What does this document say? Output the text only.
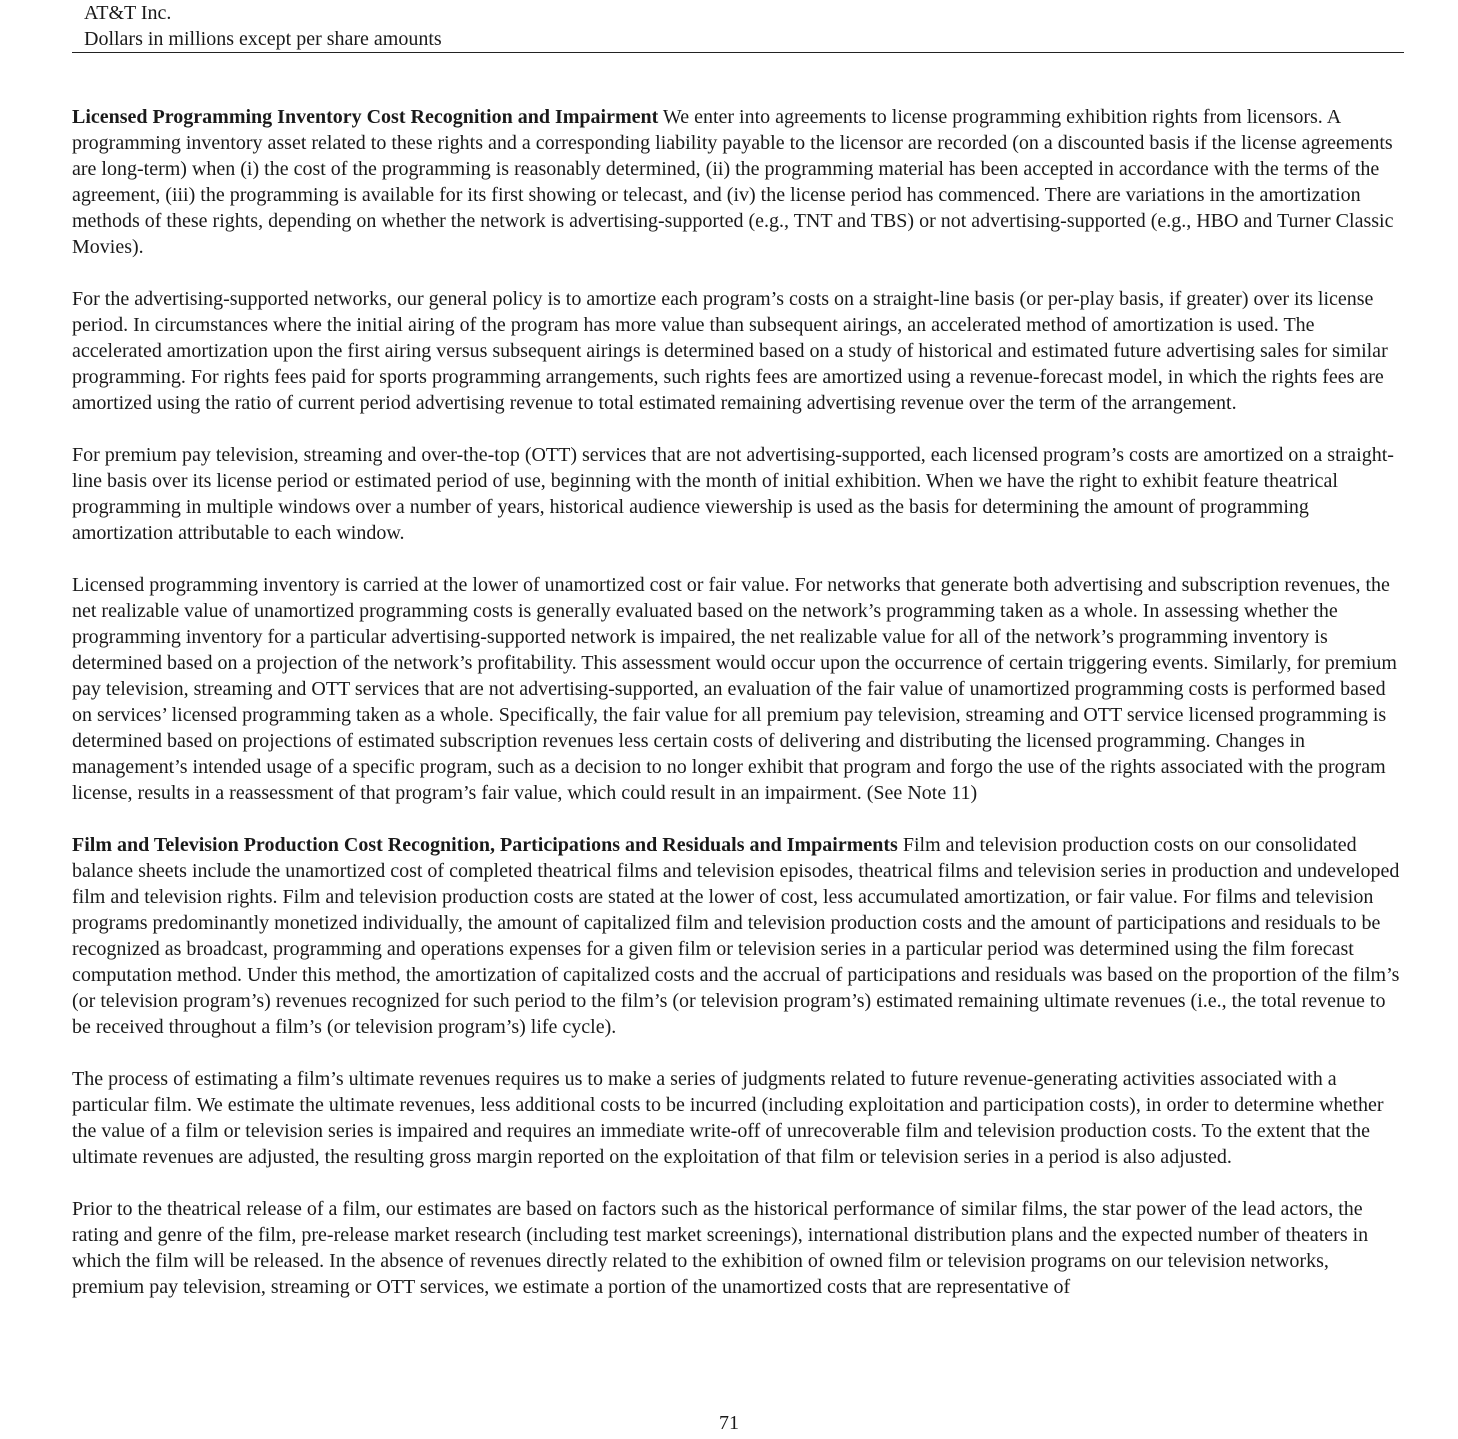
AT&T Inc.
Dollars in millions except per share amounts

Licensed Programming Inventory Cost Recognition and Impairment We enter into agreements to license programming exhibition rights from licensors. A programming inventory asset related to these rights and a corresponding liability payable to the licensor are recorded (on a discounted basis if the license agreements are long-term) when (i) the cost of the programming is reasonably determined, (ii) the programming material has been accepted in accordance with the terms of the agreement, (iii) the programming is available for its first showing or telecast, and (iv) the license period has commenced. There are variations in the amortization methods of these rights, depending on whether the network is advertising-supported (e.g., TNT and TBS) or not advertising-supported (e.g., HBO and Turner Classic Movies).

For the advertising-supported networks, our general policy is to amortize each program’s costs on a straight-line basis (or per-play basis, if greater) over its license period. In circumstances where the initial airing of the program has more value than subsequent airings, an accelerated method of amortization is used. The accelerated amortization upon the first airing versus subsequent airings is determined based on a study of historical and estimated future advertising sales for similar programming. For rights fees paid for sports programming arrangements, such rights fees are amortized using a revenue-forecast model, in which the rights fees are amortized using the ratio of current period advertising revenue to total estimated remaining advertising revenue over the term of the arrangement.

For premium pay television, streaming and over-the-top (OTT) services that are not advertising-supported, each licensed program’s costs are amortized on a straight-line basis over its license period or estimated period of use, beginning with the month of initial exhibition. When we have the right to exhibit feature theatrical programming in multiple windows over a number of years, historical audience viewership is used as the basis for determining the amount of programming amortization attributable to each window.

Licensed programming inventory is carried at the lower of unamortized cost or fair value. For networks that generate both advertising and subscription revenues, the net realizable value of unamortized programming costs is generally evaluated based on the network’s programming taken as a whole. In assessing whether the programming inventory for a particular advertising-supported network is impaired, the net realizable value for all of the network’s programming inventory is determined based on a projection of the network’s profitability. This assessment would occur upon the occurrence of certain triggering events. Similarly, for premium pay television, streaming and OTT services that are not advertising-supported, an evaluation of the fair value of unamortized programming costs is performed based on services’ licensed programming taken as a whole. Specifically, the fair value for all premium pay television, streaming and OTT service licensed programming is determined based on projections of estimated subscription revenues less certain costs of delivering and distributing the licensed programming. Changes in management’s intended usage of a specific program, such as a decision to no longer exhibit that program and forgo the use of the rights associated with the program license, results in a reassessment of that program’s fair value, which could result in an impairment. (See Note 11)

Film and Television Production Cost Recognition, Participations and Residuals and Impairments Film and television production costs on our consolidated balance sheets include the unamortized cost of completed theatrical films and television episodes, theatrical films and television series in production and undeveloped film and television rights. Film and television production costs are stated at the lower of cost, less accumulated amortization, or fair value. For films and television programs predominantly monetized individually, the amount of capitalized film and television production costs and the amount of participations and residuals to be recognized as broadcast, programming and operations expenses for a given film or television series in a particular period was determined using the film forecast computation method. Under this method, the amortization of capitalized costs and the accrual of participations and residuals was based on the proportion of the film’s (or television program’s) revenues recognized for such period to the film’s (or television program’s) estimated remaining ultimate revenues (i.e., the total revenue to be received throughout a film’s (or television program’s) life cycle).

The process of estimating a film’s ultimate revenues requires us to make a series of judgments related to future revenue-generating activities associated with a particular film. We estimate the ultimate revenues, less additional costs to be incurred (including exploitation and participation costs), in order to determine whether the value of a film or television series is impaired and requires an immediate write-off of unrecoverable film and television production costs. To the extent that the ultimate revenues are adjusted, the resulting gross margin reported on the exploitation of that film or television series in a period is also adjusted.

Prior to the theatrical release of a film, our estimates are based on factors such as the historical performance of similar films, the star power of the lead actors, the rating and genre of the film, pre-release market research (including test market screenings), international distribution plans and the expected number of theaters in which the film will be released. In the absence of revenues directly related to the exhibition of owned film or television programs on our television networks, premium pay television, streaming or OTT services, we estimate a portion of the unamortized costs that are representative of

71
